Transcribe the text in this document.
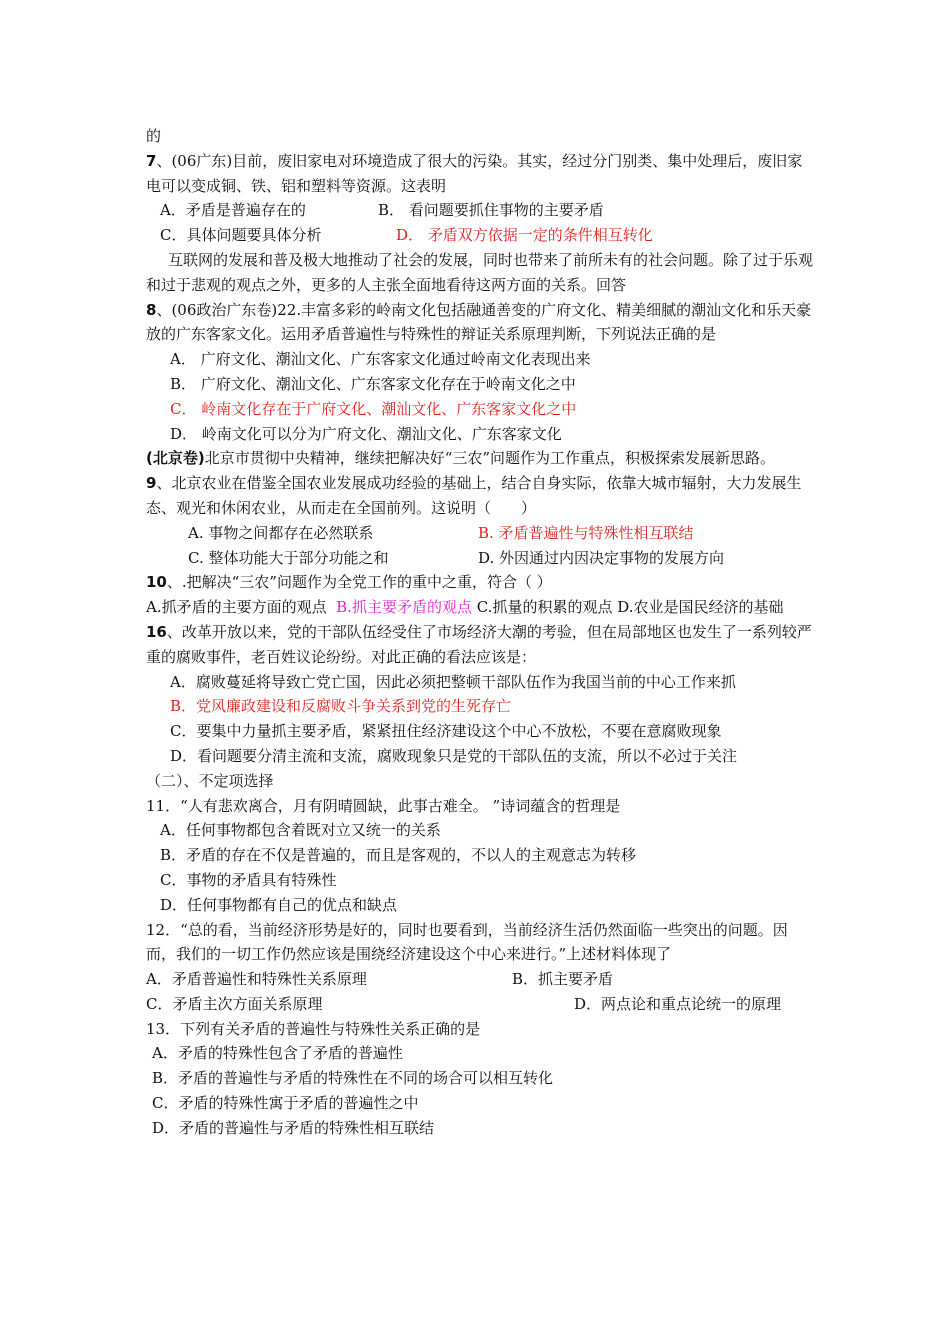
的
7、(06广东)目前，废旧家电对环境造成了很大的污染。其实，经过分门别类、集中处理后，废旧家电可以变成铜、铁、铝和塑料等资源。这表明
A．矛盾是普遍存在的	B． 看问题要抓住事物的主要矛盾
C．具体问题要具体分析	D． 矛盾双方依据一定的条件相互转化
互联网的发展和普及极大地推动了社会的发展，同时也带来了前所未有的社会问题。除了过于乐观和过于悲观的观点之外，更多的人主张全面地看待这两方面的关系。回答
8、(06政治广东卷)22.丰富多彩的岭南文化包括融通善变的广府文化、精美细腻的潮汕文化和乐天豪放的广东客家文化。运用矛盾普遍性与特殊性的辩证关系原理判断，下列说法正确的是
A． 广府文化、潮汕文化、广东客家文化通过岭南文化表现出来
B． 广府文化、潮汕文化、广东客家文化存在于岭南文化之中
C． 岭南文化存在于广府文化、潮汕文化、广东客家文化之中
D． 岭南文化可以分为广府文化、潮汕文化、广东客家文化
(北京卷)北京市贯彻中央精神，继续把解决好“三农”问题作为工作重点，积极探索发展新思路。
9、北京农业在借鉴全国农业发展成功经验的基础上，结合自身实际，依靠大城市辐射，大力发展生态、观光和休闲农业，从而走在全国前列。这说明（　　）
A. 事物之间都存在必然联系	B. 矛盾普遍性与特殊性相互联结
C. 整体功能大于部分功能之和	D. 外因通过内因决定事物的发展方向
10、.把解决“三农”问题作为全党工作的重中之重，符合（ ）
A.抓矛盾的主要方面的观点 B.抓主要矛盾的观点 C.抓量的积累的观点 D.农业是国民经济的基础
16、改革开放以来，党的干部队伍经受住了市场经济大潮的考验，但在局部地区也发生了一系列较严重的腐败事件，老百姓议论纷纷。对此正确的看法应该是：
A．腐败蔓延将导致亡党亡国，因此必须把整顿干部队伍作为我国当前的中心工作来抓
B．党风廉政建设和反腐败斗争关系到党的生死存亡
C．要集中力量抓主要矛盾，紧紧扭住经济建设这个中心不放松，不要在意腐败现象
D．看问题要分清主流和支流，腐败现象只是党的干部队伍的支流，所以不必过于关注
（二）、不定项选择
11．“人有悲欢离合，月有阴晴圆缺，此事古难全。 ”诗词蕴含的哲理是
A．任何事物都包含着既对立又统一的关系
B．矛盾的存在不仅是普遍的，而且是客观的，不以人的主观意志为转移
C．事物的矛盾具有特殊性
D．任何事物都有自己的优点和缺点
12．“总的看，当前经济形势是好的，同时也要看到，当前经济生活仍然面临一些突出的问题。因而，我们的一切工作仍然应该是围绕经济建设这个中心来进行。”上述材料体现了
A．矛盾普遍性和特殊性关系原理	B．抓主要矛盾
C．矛盾主次方面关系原理	D．两点论和重点论统一的原理
13．下列有关矛盾的普遍性与特殊性关系正确的是
A．矛盾的特殊性包含了矛盾的普遍性
B．矛盾的普遍性与矛盾的特殊性在不同的场合可以相互转化
C．矛盾的特殊性寓于矛盾的普遍性之中
D．矛盾的普遍性与矛盾的特殊性相互联结
